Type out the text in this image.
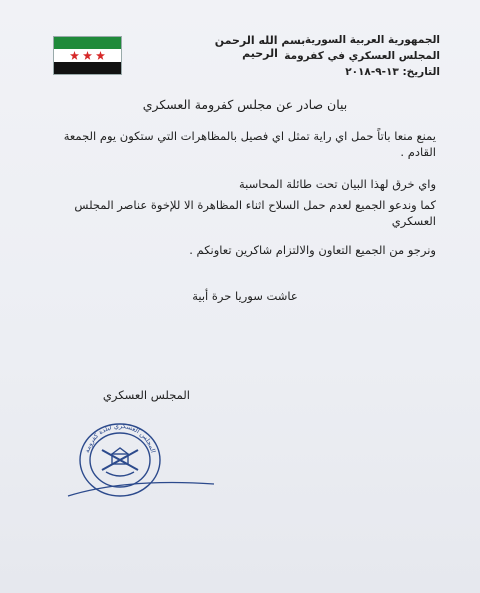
الجمهورية العربية السورية
المجلس العسكري في كفرومة
التاريخ: ١٣-٩-٢٠١٨
بسم الله الرحمن الرحيم
بيان صادر عن مجلس كفرومة العسكري
يمنع منعا باتاً حمل اي راية تمثل اي فصيل بالمظاهرات التي ستكون يوم الجمعة القادم .
واي خرق لهذا البيان تحت طائلة المحاسبة
كما وندعو الجميع لعدم حمل السلاح اثناء المظاهرة الا للإخوة عناصر المجلس العسكري
ونرجو من الجميع التعاون والالتزام شاكرين تعاونكم .
عاشت سوريا حرة أبية
المجلس العسكري
المجلس العسكري لبلدة كفرومة
